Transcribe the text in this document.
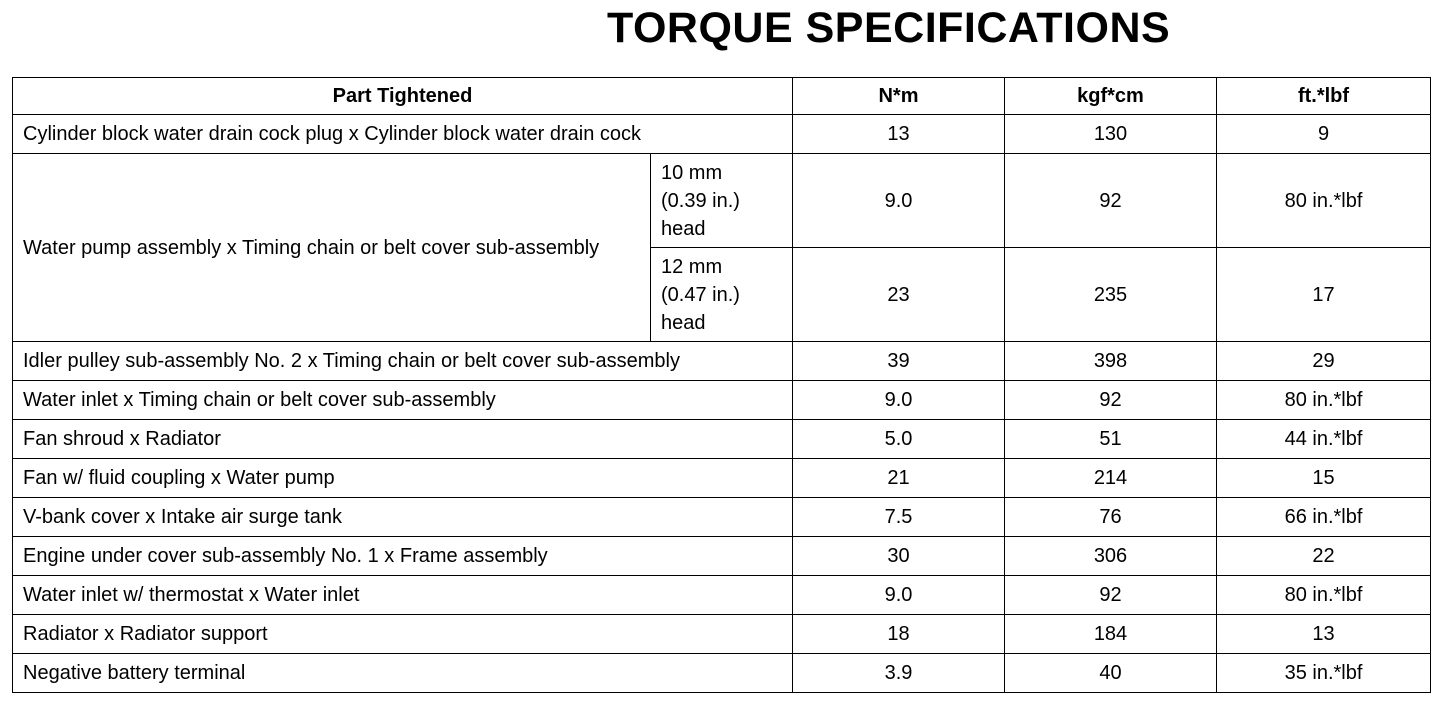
TORQUE SPECIFICATIONS
Part Tightened		N*m	kgf*cm	ft.*lbf
Cylinder block water drain cock plug x Cylinder block water drain cock		13	130	9
Water pump assembly x Timing chain or belt cover sub-assembly	10 mm
(0.39 in.)
head	9.0	92	80 in.*lbf
	12 mm
(0.47 in.)
head	23	235	17
Idler pulley sub-assembly No. 2 x Timing chain or belt cover sub-assembly		39	398	29
Water inlet x Timing chain or belt cover sub-assembly		9.0	92	80 in.*lbf
Fan shroud x Radiator		5.0	51	44 in.*lbf
Fan w/ fluid coupling x Water pump		21	214	15
V-bank cover x Intake air surge tank		7.5	76	66 in.*lbf
Engine under cover sub-assembly No. 1 x Frame assembly		30	306	22
Water inlet w/ thermostat x Water inlet		9.0	92	80 in.*lbf
Radiator x Radiator support		18	184	13
Negative battery terminal		3.9	40	35 in.*lbf
